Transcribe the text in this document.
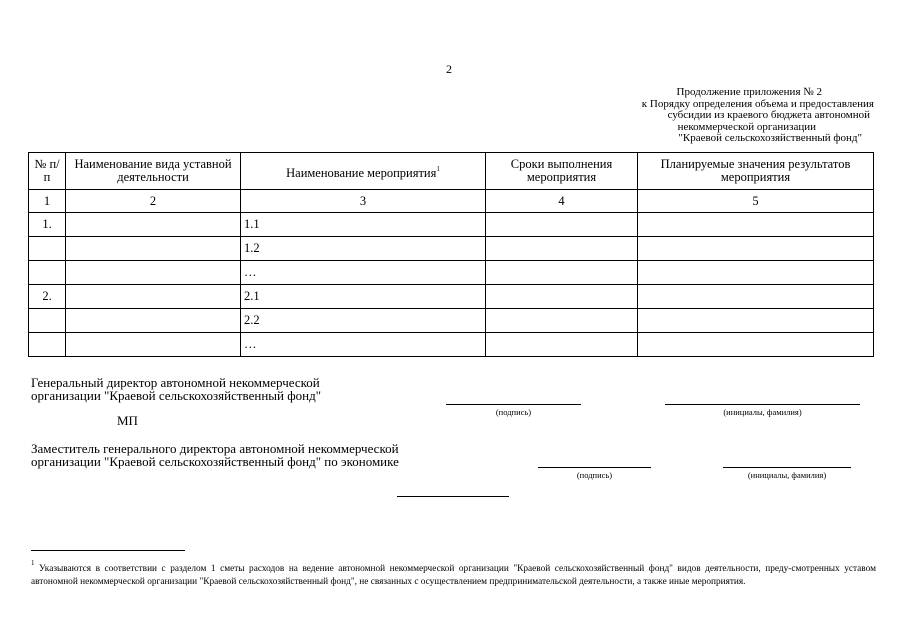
2
Продолжение приложения № 2
к Порядку определения объема и предоставления
субсидии из краевого бюджета автономной
некоммерческой организации
"Краевой сельскохозяйственный фонд"
№ п/п	Наименование вида уставной деятельности	Наименование мероприятия$^1$	Сроки выполнения мероприятия	Планируемые значения результатов мероприятия
1	2	3	4	5
1.		1.1		
		1.2		
		…		
2.		2.1		
		2.2		
		…		
Генеральный директор автономной некоммерческой
организации "Краевой сельскохозяйственный фонд"
(подпись)	(инициалы, фамилия)
МП
Заместитель генерального директора автономной некоммерческой
организации "Краевой сельскохозяйственный фонд" по экономике
(подпись)	(инициалы, фамилия)
$^1$ Указываются в соответствии с разделом 1 сметы расходов на ведение автономной некоммерческой организации "Краевой сельскохозяйственный фонд" видов деятельности, преду-смотренных уставом автономной некоммерческой организации "Краевой сельскохозяйственный фонд", не связанных с осуществлением предпринимательской деятельности, а также иные мероприятия.
